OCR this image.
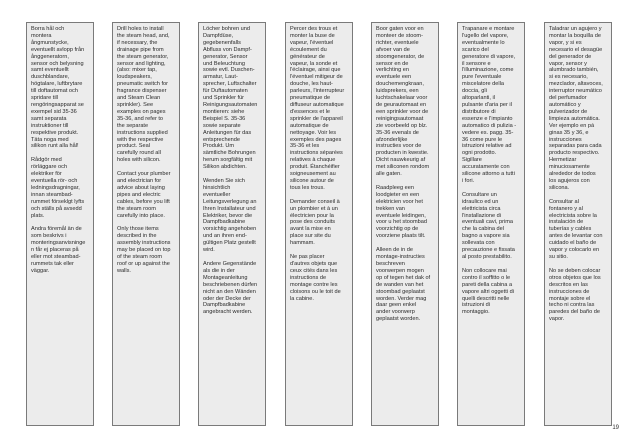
Borra hål och
montera
ångmunstycke,
eventuellt avlopp från
ånggeneratorn,
sensor och belysning
samt eventuellt
duschblandare,
högtalare, luftbrytare
till doftautomat och
spridare till
rengöringsapparat se
exempel sid 35-36
samt separata
instruktioner till
respektive produkt.
Täta noga med
silikon runt alla hål!

Rådgör med
rörläggare och
elektriker för
eventuella rör- och
ledningsdragningar,
innan steambad-
rummet förseklgt lyfts
och ställs på avsedd
plats.

Andra föremål än de
som beskrivs i
monteringsanvisninge
n får ej placeras på
eller mot steambad-
rummets tak eller
väggar.

Drill holes to install
the steam head, and,
if necessary, the
drainage pipe from
the steam generator,
sensor and lighting,
(also: mixer tap,
loudspeakers,
pneumatic switch for
fragrance dispenser
and Steam Clean
sprinkler). See
examples on pages
35-36, and refer to
the separate
instructions supplied
with the respective
product. Seal
carefully round all
holes with silicon.

Contact your plumber
and electrician for
advice about laying
pipes and electric
cables, before you lift
the steam room
carefully into place.

Only those items
described in the
assembly instructions
may be placed on top
of the steam room
roof or up against the
walls.

Löcher bohren und
Dampfdüse,
gegebenenfalls
Abfluss von Dampf-
generator, Sensor
und Beleuchtung
sowie evtl. Duschen-
armatur, Laut-
sprecher, Luftschalter
für Duftautomaten
und Sprinkler für
Reinigungsautomaten
montieren: siehe
Beispiel S. 35-36
sowie separate
Anleitungen für das
entsprechende
Produkt. Um
sämtliche Bohrungen
herum sorgfältig mit
Silikon abdichten.

Wenden Sie sich
hinsichtlich
eventueller
Leitungsverlegung an
Ihren Installateur und
Elektriker, bevor die
Dampfbadkabine
vorsichtig angehoben
und an ihren end-
gültigen Platz gestellt
wird.

Andere Gegenstände
als die in der
Montageanleitung
beschriebenen dürfen
nicht an den Wänden
oder der Decke der
Dampfbadkabine
angebracht werden.

Percer des trous et
monter la buse de
vapeur, l'éventuel
écoulement du
générateur de
vapeur, la sonde et
l'éclairage, ainsi que
l'éventuel mitigeur de
douche, les haut-
parleurs, l'interrupteur
pneumatique de
diffuseur automatique
d'essences et le
sprinkler de l'appareil
automatique de
nettoyage. Voir les
exemples des pages
35-36 et les
instructions séparées
relatives à chaque
produit. Étanchéifier
soigneusement au
silicone autour de
tous les trous.

Demander conseil à
un plombier et à un
électricien pour la
pose des conduits
avant la mise en
place sur site du
hammam.

Ne pas placer
d'autres objets que
ceux cités dans les
instructions de
montage contre les
cloisons ou le toit de
la cabine.

Boor gaten voor en
monteer de stoom-
richter, eventuele
afvoer van de
stoomgenerator, de
sensor en de
verlichting en
eventuele een
douchemengkraan,
luidsprekers, een
luchtschakelaar voor
de geurautomaat en
een sprinkler voor de
reinigingsautomaat
zie voorbeeld op blz.
35-36 evenals de
afzonderlijke
instructies voor de
producten in kwestie.
Dicht nauwkeurig af
met siliconen rondom
alle gaten.

Raadpleeg een
loodgieter en een
elektricien voor het
trekken van
eventuele leidingen,
voor u het stoombad
voorzichtig op de
voorziene plaats tilt.

Alleen de in de
montage-instructies
beschreven
voorwerpen mogen
op of tegen het dak of
de wanden van het
stoombad geplaatst
worden. Verder mag
daar geen enkel
ander voorwerp
geplaatst worden.

Trapanare e montare
l'ugello del vapore,
eventualmente lo
scarico del
generatore di vapore,
il sensore e
l'illuminazione, come
pure l'eventuale
miscelatore della
doccia, gli
altoparlanti, il
pulsante d'aria per il
distributore di
essenze e l'impianto
automatico di pulizia -
vedere es. pagg. 35-
36 come pure le
istruzioni relative ad
ogni prodotto.
Sigillare
accuratamente con
silicone attorno a tutti
i fori.

Consultare un
idraulico ed un
elettricista circa
l'installazione di
eventuali cavi, prima
che la cabina del
bagno a vapore sia
sollevata con
precauzione e fissata
al posto prestabilito.

Non collocare mai
contro il soffitto o le
pareti della cabina a
vapore altri oggetti di
quelli descritti nelle
istruzioni di
montaggio.

Taladrar un agujero y
montar la boquilla de
vapor, y si es
necesario el desagüe
del generador de
vapor, sensor y
alumbrado también,
si es necesario,
mezclador, altavoces,
interruptor neumático
del perfumador
automático y
pulverizador de
limpieza automática.
Ver ejemplo en pá
ginas 35 y 36, e
instrucciones
separadas para cada
producto respectivo.
Hermetizar
minuciosamente
alrededor de todos
los agujeros con
silicona.

Consultar al
fontanero y al
electricista sobre la
instalación de
tuberías y cables
antes de levantar con
cuidado el baño de
vapor y colocarlo en
su sitio.

No se deben colocar
otros objetos que los
descritos en las
instrucciones de
montaje sobre el
techo ni contra las
paredes del baño de
vapor.

19
